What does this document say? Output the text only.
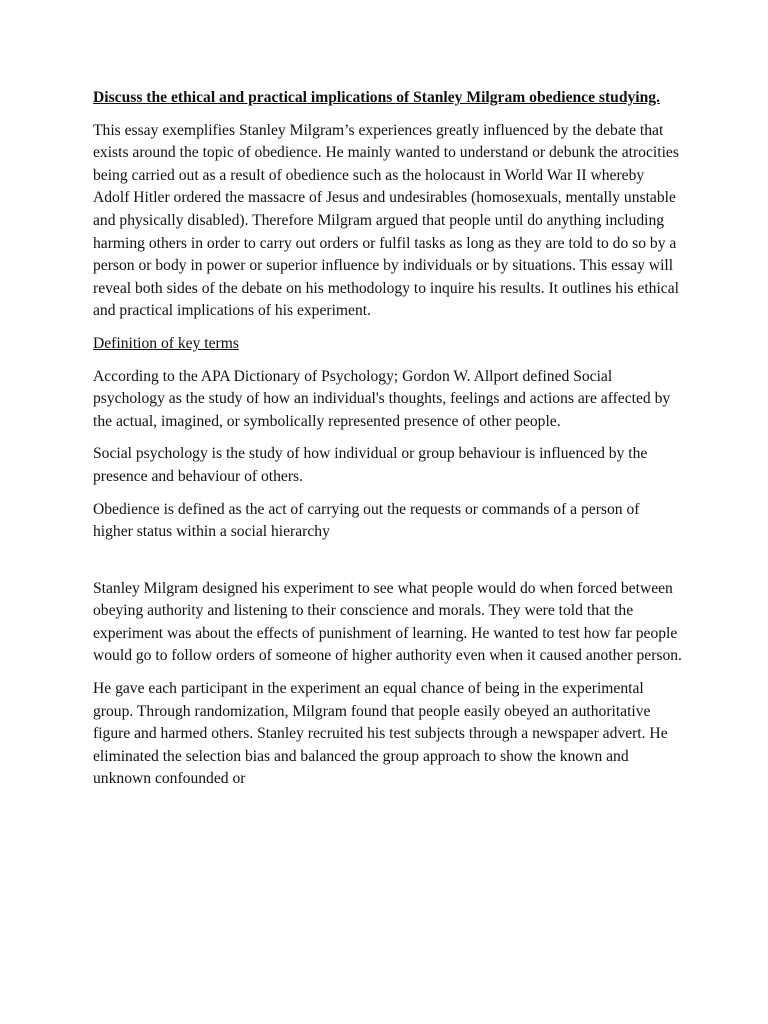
Discuss the ethical and practical implications of Stanley Milgram obedience studying.

This essay exemplifies Stanley Milgram’s experiences greatly influenced by the debate that exists around the topic of obedience. He mainly wanted to understand or debunk the atrocities being carried out as a result of obedience such as the holocaust in World War II whereby Adolf Hitler ordered the massacre of Jesus and undesirables (homosexuals, mentally unstable and physically disabled). Therefore Milgram argued that people until do anything including harming others in order to carry out orders or fulfil tasks as long as they are told to do so by a person or body in power or superior influence by individuals or by situations. This essay will reveal both sides of the debate on his methodology to inquire his results. It outlines his ethical and practical implications of his experiment.

Definition of key terms

According to the APA Dictionary of Psychology; Gordon W. Allport defined Social psychology as the study of how an individual's thoughts, feelings and actions are affected by the actual, imagined, or symbolically represented presence of other people.

Social psychology is the study of how individual or group behaviour is influenced by the presence and behaviour of others.

Obedience is defined as the act of carrying out the requests or commands of a person of higher status within a social hierarchy

Stanley Milgram designed his experiment to see what people would do when forced between obeying authority and listening to their conscience and morals. They were told that the experiment was about the effects of punishment of learning. He wanted to test how far people would go to follow orders of someone of higher authority even when it caused another person.

He gave each participant in the experiment an equal chance of being in the experimental group. Through randomization, Milgram found that people easily obeyed an authoritative figure and harmed others. Stanley recruited his test subjects through a newspaper advert. He eliminated the selection bias and balanced the group approach to show the known and unknown confounded or
